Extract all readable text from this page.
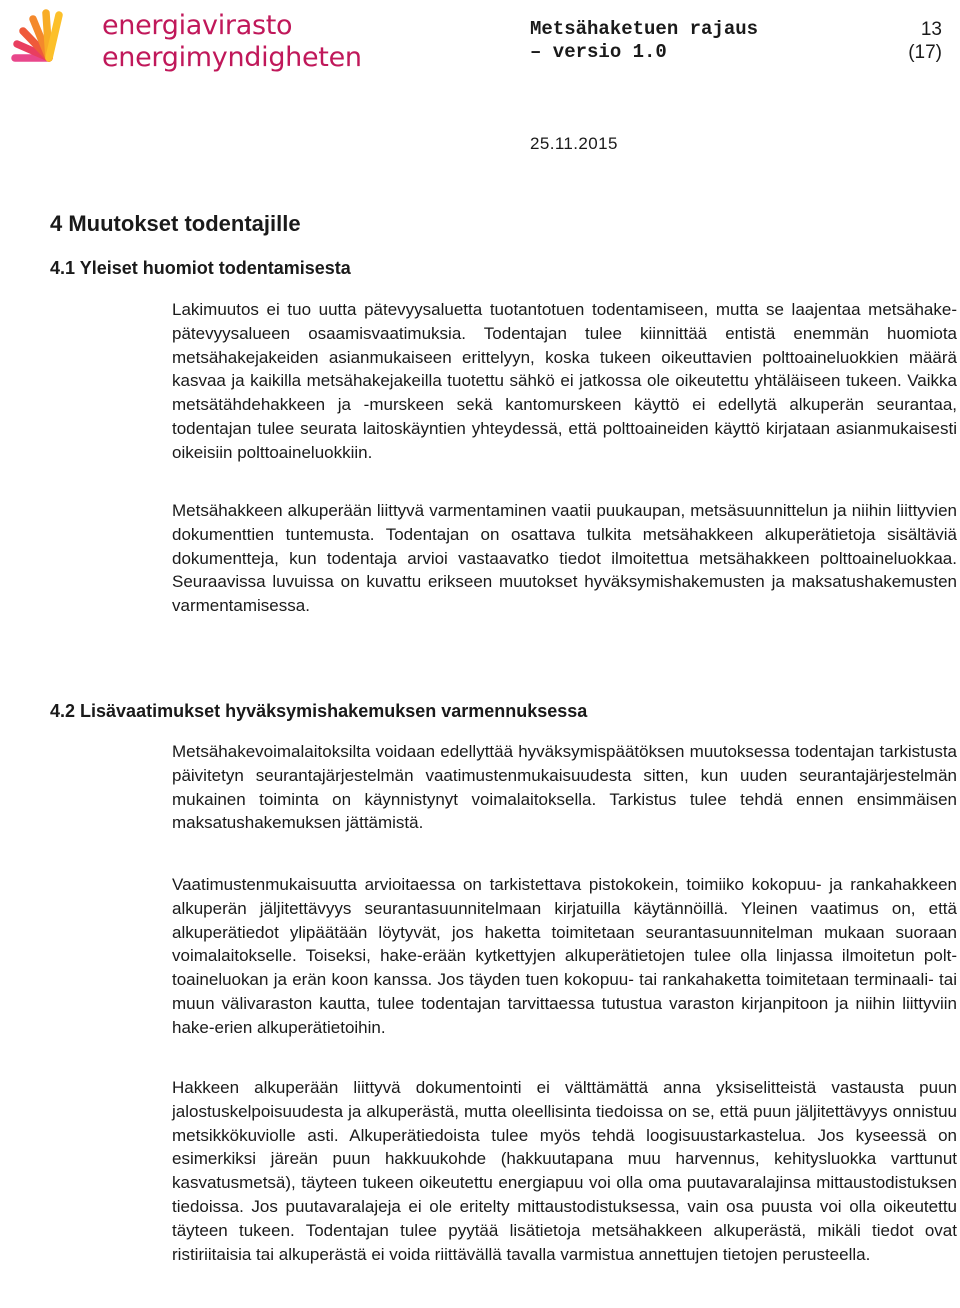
energiavirasto
energimyndigheten
Metsähaketuen rajaus
– versio 1.0
13
(17)
25.11.2015
4 Muutokset todentajille
4.1 Yleiset huomiot todentamisesta

Lakimuutos ei tuo uutta pätevyysaluetta tuotantotuen todentamiseen, mutta se laajentaa metsähake-pätevyysalueen osaamisvaatimuksia. Todentajan tulee kiinnittää entistä enemmän huomiota metsähakejakeiden asianmukaiseen erittelyyn, koska tukeen oikeuttavien polttoaineluokkien määrä kasvaa ja kaikilla metsähakejakeilla tuotettu sähkö ei jatkossa ole oikeutettu yhtäläiseen tukeen. Vaikka metsätähdehakkeen ja -murskeen sekä kantomurskeen käyttö ei edellytä alkuperän seurantaa, todentajan tulee seurata laitoskäyntien yhteydessä, että polttoaineiden käyttö kirjataan asianmukaisesti oikeisiin polttoaineluokkiin.

Metsähakkeen alkuperään liittyvä varmentaminen vaatii puukaupan, metsäsuunnittelun ja niihin liittyvien dokumenttien tuntemusta. Todentajan on osattava tulkita metsähakkeen alkuperätietoja sisältäviä dokumentteja, kun todentaja arvioi vastaavatko tiedot ilmoitettua metsähakkeen polttoaineluokkaa. Seuraavissa luvuissa on kuvattu erikseen muutokset hyväksymishakemusten ja maksatushakemusten varmentamisessa.

4.2 Lisävaatimukset hyväksymishakemuksen varmennuksessa

Metsähakevoimalaitoksilta voidaan edellyttää hyväksymispäätöksen muutoksessa todentajan tarkistusta päivitetyn seurantajärjestelmän vaatimustenmukaisuudesta sitten, kun uuden seurantajärjestelmän mukainen toiminta on käynnistynyt voimalaitoksella. Tarkistus tulee tehdä ennen ensimmäisen maksatushakemuksen jättämistä.

Vaatimustenmukaisuutta arvioitaessa on tarkistettava pistokokein, toimiiko kokopuu- ja rankahakkeen alkuperän jäljitettävyys seurantasuunnitelmaan kirjatuilla käytännöillä. Yleinen vaatimus on, että alkuperätiedot ylipäätään löytyvät, jos haketta toimitetaan seurantasuunnitelman mukaan suoraan voimalaitokselle. Toiseksi, hake-erään kytkettyjen alkuperätietojen tulee olla linjassa ilmoitetun polttoaineluokan ja erän koon kanssa. Jos täyden tuen kokopuu- tai rankahaketta toimitetaan terminaali- tai muun välivaraston kautta, tulee todentajan tarvittaessa tutustua varaston kirjanpitoon ja niihin liittyviin hake-erien alkuperätietoihin.

Hakkeen alkuperään liittyvä dokumentointi ei välttämättä anna yksiselitteistä vastausta puun jalostuskelpoisuudesta ja alkuperästä, mutta oleellisinta tiedoissa on se, että puun jäljitettävyys onnistuu metsikkökuviolle asti. Alkuperätiedoista tulee myös tehdä loogisuustarkastelua. Jos kyseessä on esimerkiksi järeän puun hakkuukohde (hakkuutapana muu harvennus, kehitysluokka varttunut kasvatusmetsä), täyteen tukeen oikeutettu energiapuu voi olla oma puutavaralajinsa mittaustodistuksen tiedoissa. Jos puutavaralajeja ei ole eritelty mittaustodistuksessa, vain osa puusta voi olla oikeutettu täyteen tukeen. Todentajan tulee pyytää lisätietoja metsähakkeen alkuperästä, mikäli tiedot ovat ristiriitaisia tai alkuperästä ei voida riittävällä tavalla varmistua annettujen tietojen perusteella.
